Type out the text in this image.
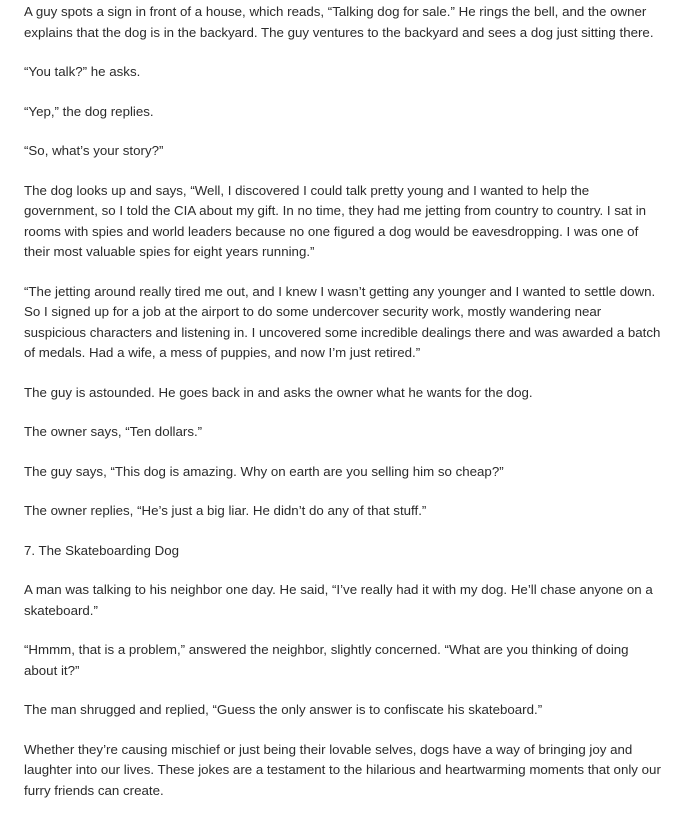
A guy spots a sign in front of a house, which reads, “Talking dog for sale.” He rings the bell, and the owner explains that the dog is in the backyard. The guy ventures to the backyard and sees a dog just sitting there.

“You talk?” he asks.

“Yep,” the dog replies.

“So, what’s your story?”

The dog looks up and says, “Well, I discovered I could talk pretty young and I wanted to help the government, so I told the CIA about my gift. In no time, they had me jetting from country to country. I sat in rooms with spies and world leaders because no one figured a dog would be eavesdropping. I was one of their most valuable spies for eight years running.”

“The jetting around really tired me out, and I knew I wasn’t getting any younger and I wanted to settle down. So I signed up for a job at the airport to do some undercover security work, mostly wandering near suspicious characters and listening in. I uncovered some incredible dealings there and was awarded a batch of medals. Had a wife, a mess of puppies, and now I’m just retired.”

The guy is astounded. He goes back in and asks the owner what he wants for the dog.

The owner says, “Ten dollars.”

The guy says, “This dog is amazing. Why on earth are you selling him so cheap?”

The owner replies, “He’s just a big liar. He didn’t do any of that stuff.”

7. The Skateboarding Dog

A man was talking to his neighbor one day. He said, “I’ve really had it with my dog. He’ll chase anyone on a skateboard.”

“Hmmm, that is a problem,” answered the neighbor, slightly concerned. “What are you thinking of doing about it?”

The man shrugged and replied, “Guess the only answer is to confiscate his skateboard.”

Whether they’re causing mischief or just being their lovable selves, dogs have a way of bringing joy and laughter into our lives. These jokes are a testament to the hilarious and heartwarming moments that only our furry friends can create.
